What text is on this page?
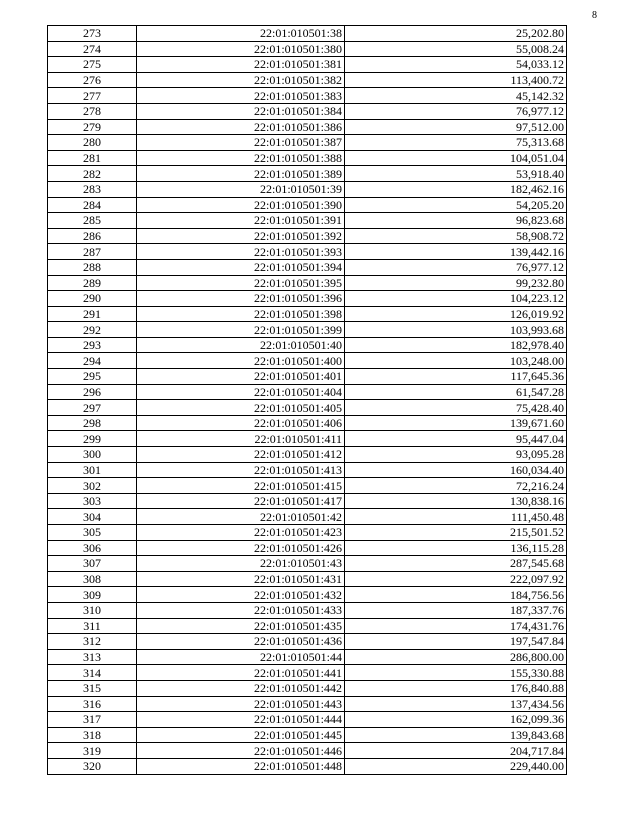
8
273	22:01:010501:38	25,202.80
274	22:01:010501:380	55,008.24
275	22:01:010501:381	54,033.12
276	22:01:010501:382	113,400.72
277	22:01:010501:383	45,142.32
278	22:01:010501:384	76,977.12
279	22:01:010501:386	97,512.00
280	22:01:010501:387	75,313.68
281	22:01:010501:388	104,051.04
282	22:01:010501:389	53,918.40
283	22:01:010501:39	182,462.16
284	22:01:010501:390	54,205.20
285	22:01:010501:391	96,823.68
286	22:01:010501:392	58,908.72
287	22:01:010501:393	139,442.16
288	22:01:010501:394	76,977.12
289	22:01:010501:395	99,232.80
290	22:01:010501:396	104,223.12
291	22:01:010501:398	126,019.92
292	22:01:010501:399	103,993.68
293	22:01:010501:40	182,978.40
294	22:01:010501:400	103,248.00
295	22:01:010501:401	117,645.36
296	22:01:010501:404	61,547.28
297	22:01:010501:405	75,428.40
298	22:01:010501:406	139,671.60
299	22:01:010501:411	95,447.04
300	22:01:010501:412	93,095.28
301	22:01:010501:413	160,034.40
302	22:01:010501:415	72,216.24
303	22:01:010501:417	130,838.16
304	22:01:010501:42	111,450.48
305	22:01:010501:423	215,501.52
306	22:01:010501:426	136,115.28
307	22:01:010501:43	287,545.68
308	22:01:010501:431	222,097.92
309	22:01:010501:432	184,756.56
310	22:01:010501:433	187,337.76
311	22:01:010501:435	174,431.76
312	22:01:010501:436	197,547.84
313	22:01:010501:44	286,800.00
314	22:01:010501:441	155,330.88
315	22:01:010501:442	176,840.88
316	22:01:010501:443	137,434.56
317	22:01:010501:444	162,099.36
318	22:01:010501:445	139,843.68
319	22:01:010501:446	204,717.84
320	22:01:010501:448	229,440.00
